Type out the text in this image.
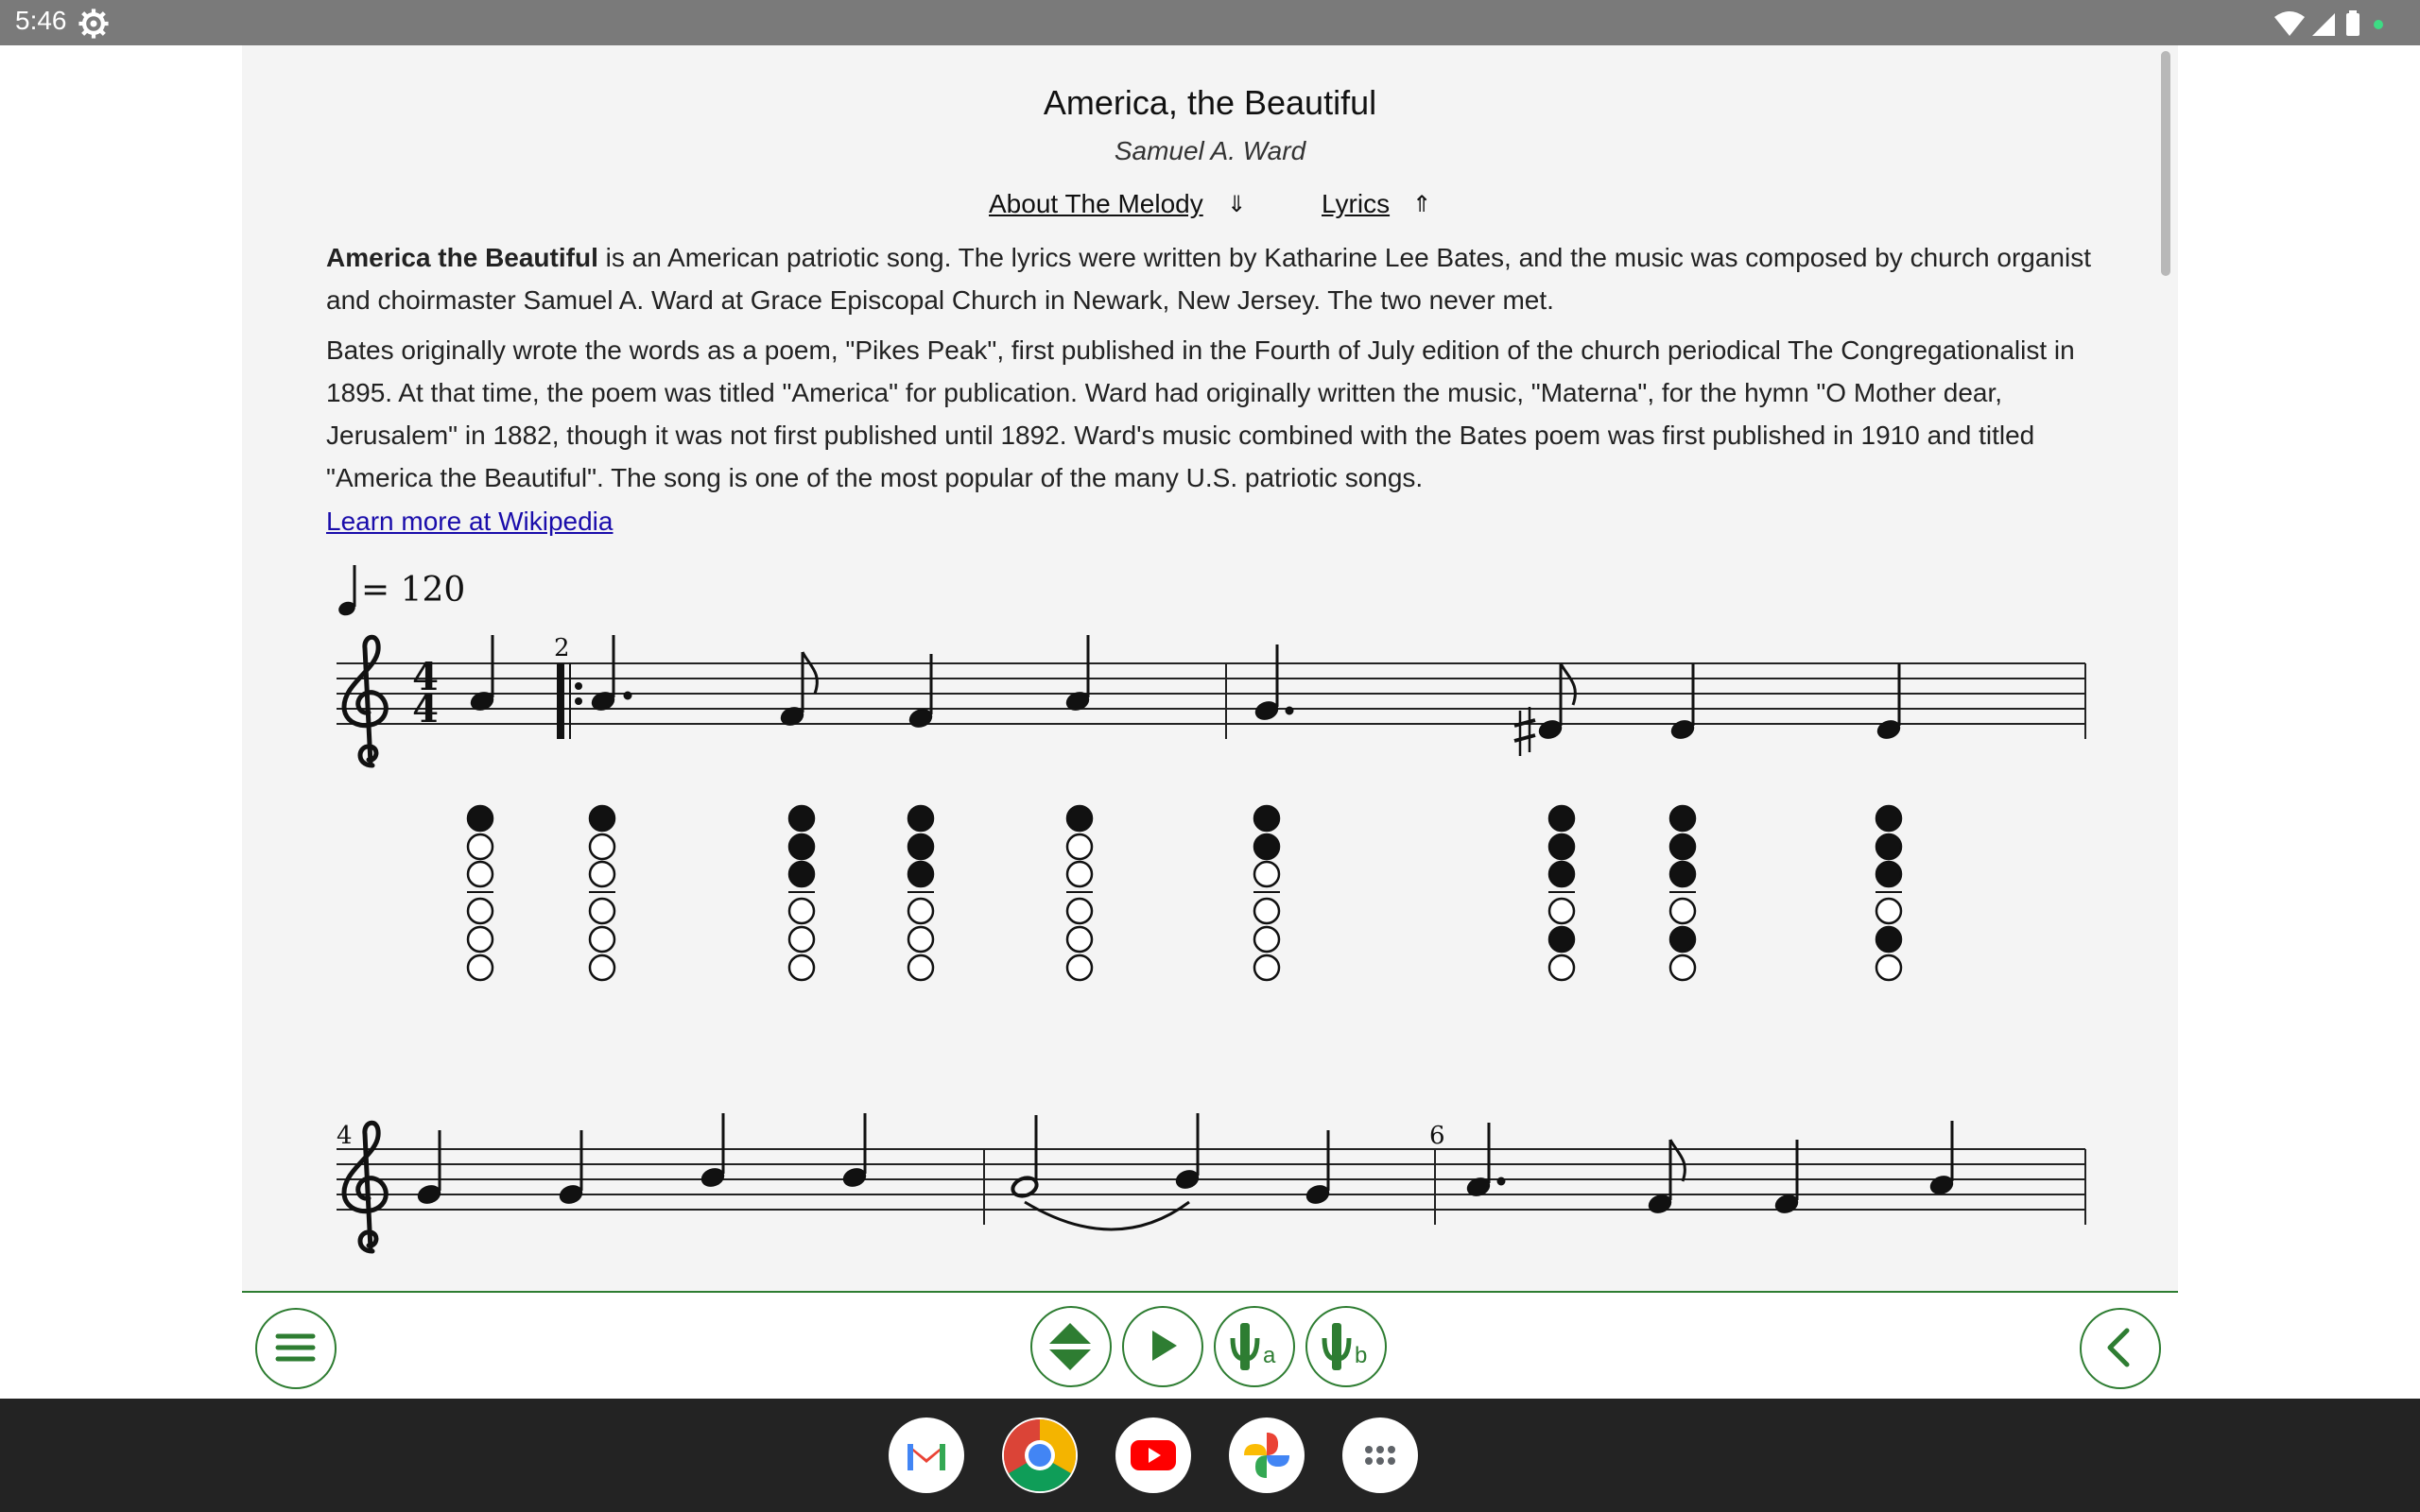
5:46
America, the Beautiful
Samuel A. Ward
About The Melody ⇓	Lyrics ⇑

America the Beautiful is an American patriotic song. The lyrics were written by Katharine Lee Bates, and the music was composed by church organist and choirmaster Samuel A. Ward at Grace Episcopal Church in Newark, New Jersey. The two never met.

Bates originally wrote the words as a poem, "Pikes Peak", first published in the Fourth of July edition of the church periodical The Congregationalist in 1895. At that time, the poem was titled "America" for publication. Ward had originally written the music, "Materna", for the hymn "O Mother dear, Jerusalem" in 1882, though it was not first published until 1892. Ward's music combined with the Bates poem was first published in 1910 and titled "America the Beautiful". The song is one of the most popular of the many U.S. patriotic songs.

Learn more at Wikipedia
= 120
4
4
2
4	6
a	b
